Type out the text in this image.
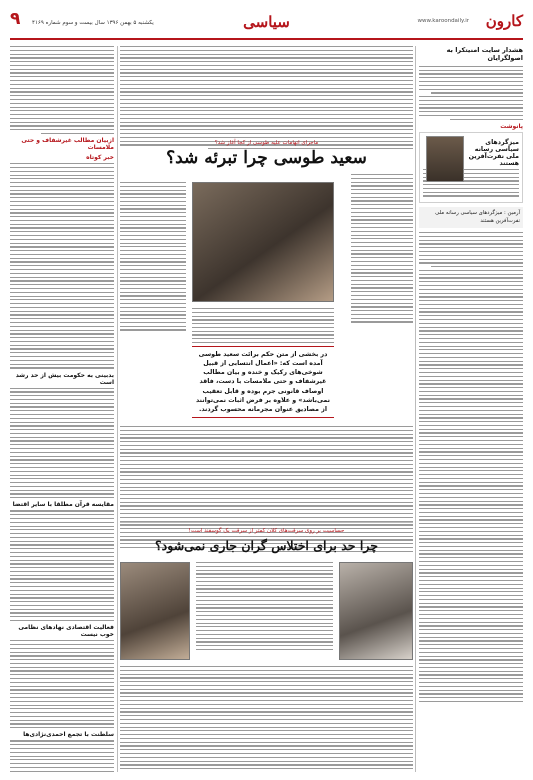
کارون
www.karoondaily.ir
سیاسی
یکشنبه ۵ بهمن ۱۳۹۶ سال بیست و سوم شماره ۴۱۶۹
۹
هشدار سایت امنیتکرا به اصولگرایان
پانوشت
میزگردهای سیاسی رسانه ملی نفرت‌آفرین هستند
آرمین : میزگردهای سیاسی رسانه ملی نفرت‌آفرین هستند
ماجرای اتهامات علیه طوسی از کجا آغاز شد؟
سعید طوسی چرا تبرئه شد؟
در بخشی از متن حکم برائت سعید طوسی آمده است که: «اعمال انتسابی از قبیل شوخی‌های رکیک و خنده و بیان مطالب غیرشفاف و حتی ملامسات با دست، فاقد اوصاف قانونی جرم بوده و قابل تعقیب نمی‌باشد» و علاوه بر فرض اثبات نمی‌توانند از مصادیق عنوان مجرمانه محسوب گردند.
حساسیت بر روی سرقت‌های کلان کمتر از سرقت یک گوسفند است!
چرا حد برای اختلاس گران جاری نمی‌شود؟
ازبیان مطالب غیرشفاف و حتی ملامسات
خبر کوتاه
بدبینی به حکومت بیش از حد رشد است
مقایسه قرآن مطلقا با سایر اقتضا
فعالیت اقتصادی نهادهای نظامی خوب نیست
سلطنت با تجمع احمدی‌نژادی‌ها
